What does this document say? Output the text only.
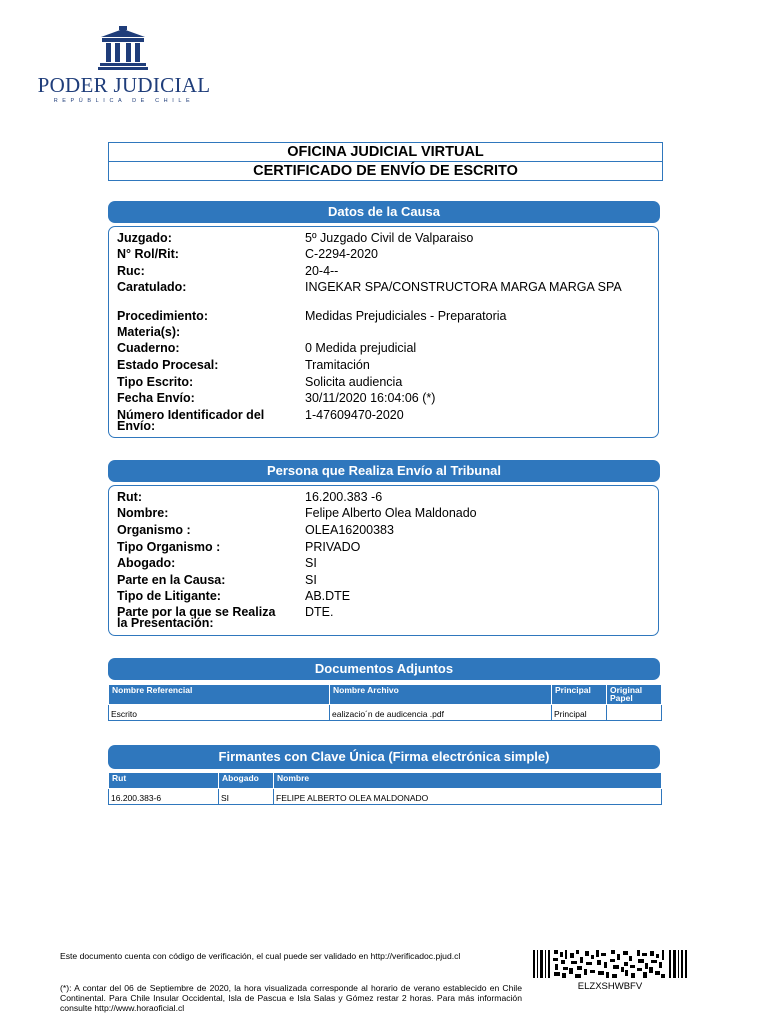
PODER JUDICIAL
REPÚBLICA DE CHILE
OFICINA JUDICIAL VIRTUAL
CERTIFICADO DE ENVÍO DE ESCRITO
Datos de la Causa
Juzgado:	5º Juzgado Civil de Valparaiso
N° Rol/Rit:	C-2294-2020
Ruc:	20-4--
Caratulado:	INGEKAR SPA/CONSTRUCTORA MARGA MARGA SPA
Procedimiento:	Medidas Prejudiciales - Preparatoria
Materia(s):
Cuaderno:	0 Medida prejudicial
Estado Procesal:	Tramitación
Tipo Escrito:	Solicita audiencia
Fecha Envío:	30/11/2020 16:04:06 (*)
Número Identificador del Envío:
1-47609470-2020
Persona que Realiza Envío al Tribunal
Rut:	16.200.383 -6
Nombre:	Felipe Alberto Olea Maldonado
Organismo :	OLEA16200383
Tipo Organismo :	PRIVADO
Abogado:	SI
Parte en la Causa:	SI
Tipo de Litigante:	AB.DTE
Parte por la que se Realiza la Presentación:
DTE.
Documentos Adjuntos
Nombre Referencial	Nombre Archivo	Principal	Original Papel
Escrito	ealizacio´n de audicencia .pdf	Principal	
Firmantes con Clave Única (Firma electrónica simple)
Rut	Abogado	Nombre
16.200.383-6	SI	FELIPE ALBERTO OLEA MALDONADO
Este documento cuenta con código de verificación, el cual puede ser validado en http://verificadoc.pjud.cl
(*): A contar del 06 de Septiembre de 2020, la hora visualizada corresponde al horario de verano establecido en Chile Continental. Para Chile Insular Occidental, Isla de Pascua e Isla Salas y Gómez restar 2 horas. Para más información consulte http://www.horaoficial.cl
ELZXSHWBFV
